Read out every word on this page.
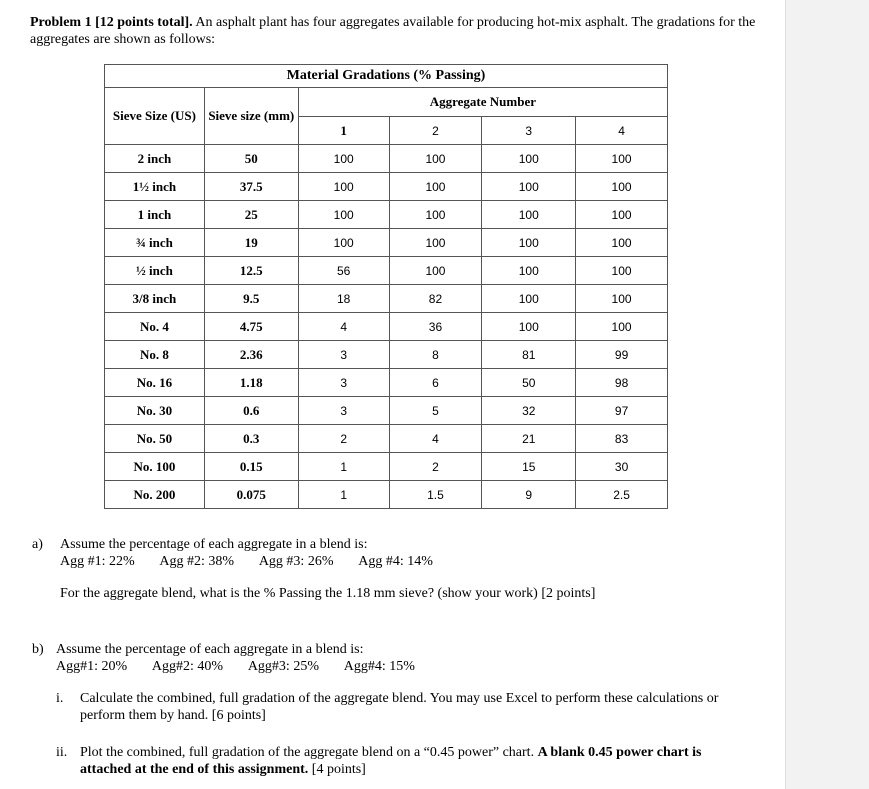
Problem 1 [12 points total]. An asphalt plant has four aggregates available for producing hot-mix asphalt. The gradations for the aggregates are shown as follows:
Material Gradations (% Passing)					
Sieve Size (US)	Sieve size (mm)	Aggregate Number			
		1	2	3	4
2 inch	50	100	100	100	100
1½ inch	37.5	100	100	100	100
1 inch	25	100	100	100	100
¾ inch	19	100	100	100	100
½ inch	12.5	56	100	100	100
3/8 inch	9.5	18	82	100	100
No. 4	4.75	4	36	100	100
No. 8	2.36	3	8	81	99
No. 16	1.18	3	6	50	98
No. 30	0.6	3	5	32	97
No. 50	0.3	2	4	21	83
No. 100	0.15	1	2	15	30
No. 200	0.075	1	1.5	9	2.5
a) Assume the percentage of each aggregate in a blend is:
Agg #1: 22% Agg #2: 38% Agg #3: 26% Agg #4: 14%
For the aggregate blend, what is the % Passing the 1.18 mm sieve? (show your work) [2 points]
b) Assume the percentage of each aggregate in a blend is:
Agg#1: 20% Agg#2: 40% Agg#3: 25% Agg#4: 15%
i. Calculate the combined, full gradation of the aggregate blend. You may use Excel to perform these calculations or perform them by hand. [6 points]
ii. Plot the combined, full gradation of the aggregate blend on a “0.45 power” chart. A blank 0.45 power chart is attached at the end of this assignment. [4 points]
